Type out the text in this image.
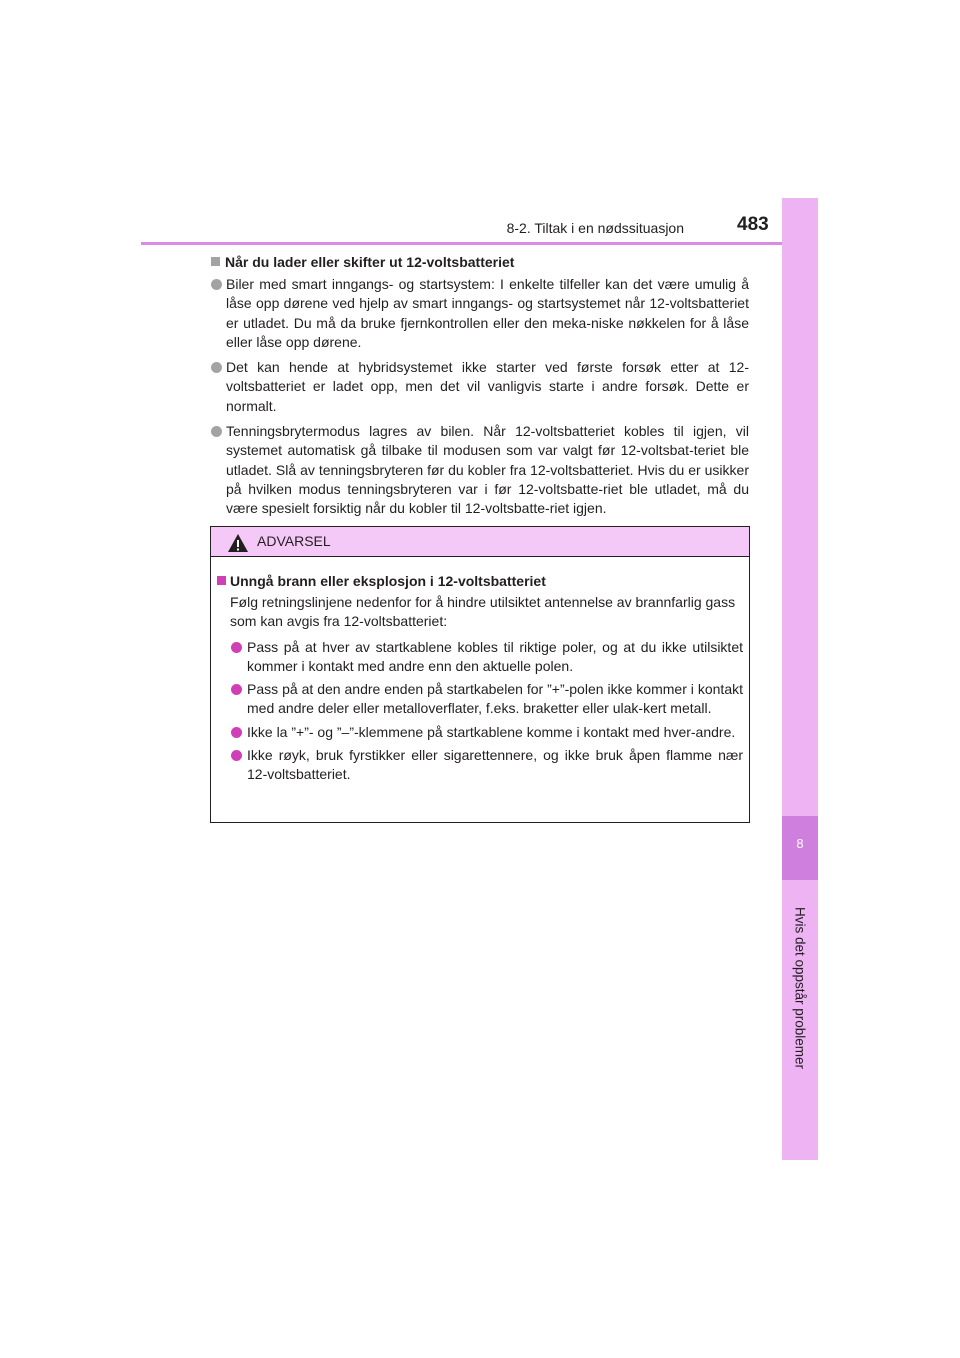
8-2. Tiltak i en nødssituasjon	483
8
Hvis det oppstår problemer
Når du lader eller skifter ut 12-voltsbatteriet
Biler med smart inngangs- og startsystem: I enkelte tilfeller kan det være umulig å låse opp dørene ved hjelp av smart inngangs- og startsystemet når 12-voltsbatteriet er utladet. Du må da bruke fjernkontrollen eller den meka-niske nøkkelen for å låse eller låse opp dørene.
Det kan hende at hybridsystemet ikke starter ved første forsøk etter at 12-voltsbatteriet er ladet opp, men det vil vanligvis starte i andre forsøk. Dette er normalt.
Tenningsbrytermodus lagres av bilen. Når 12-voltsbatteriet kobles til igjen, vil systemet automatisk gå tilbake til modusen som var valgt før 12-voltsbat-teriet ble utladet. Slå av tenningsbryteren før du kobler fra 12-voltsbatteriet. Hvis du er usikker på hvilken modus tenningsbryteren var i før 12-voltsbatte-riet ble utladet, må du være spesielt forsiktig når du kobler til 12-voltsbatte-riet igjen.
ADVARSEL
Unngå brann eller eksplosjon i 12-voltsbatteriet
Følg retningslinjene nedenfor for å hindre utilsiktet antennelse av brannfarlig gass som kan avgis fra 12-voltsbatteriet:
Pass på at hver av startkablene kobles til riktige poler, og at du ikke utilsiktet kommer i kontakt med andre enn den aktuelle polen.
Pass på at den andre enden på startkabelen for ”+”-polen ikke kommer i kontakt med andre deler eller metalloverflater, f.eks. braketter eller ulak-kert metall.
Ikke la ”+”- og ”–”-klemmene på startkablene komme i kontakt med hver-andre.
Ikke røyk, bruk fyrstikker eller sigarettennere, og ikke bruk åpen flamme nær 12-voltsbatteriet.
